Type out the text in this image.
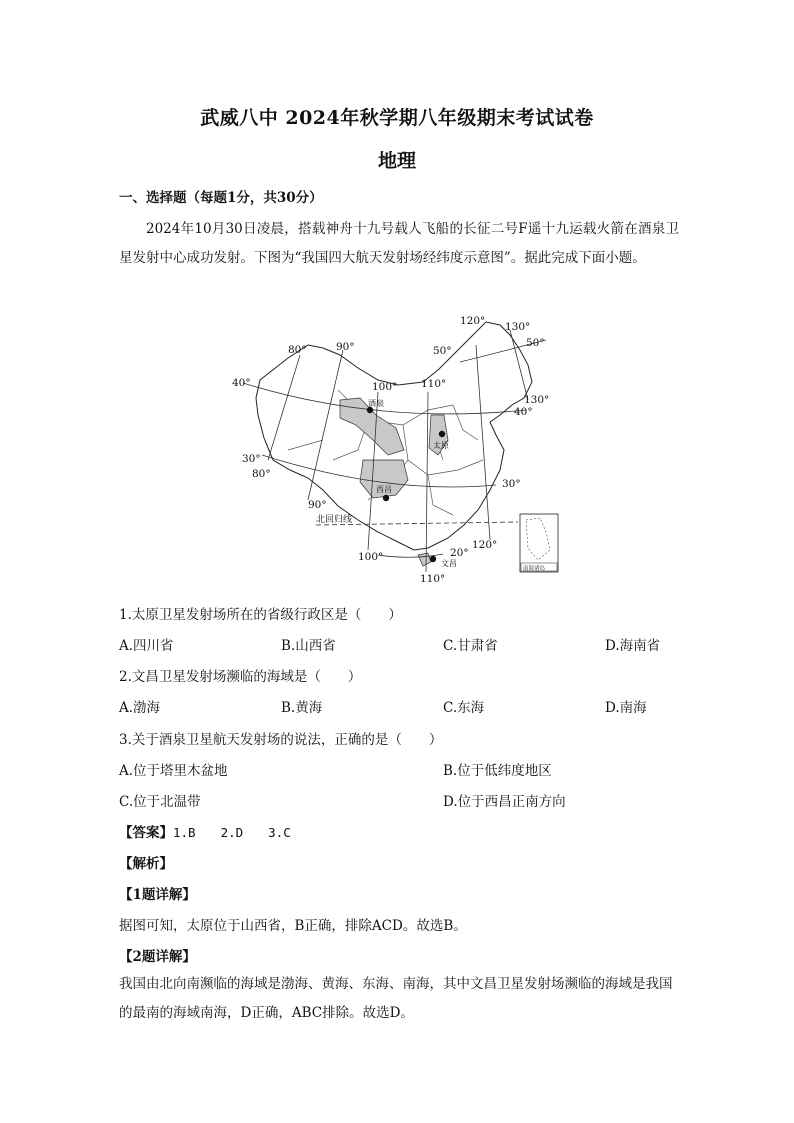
武威八中 2024年秋学期八年级期末考试试卷
地理
一、选择题（每题1分，共30分）
2024年10月30日凌晨，搭载神舟十九号载人飞船的长征二号F遥十九运载火箭在酒泉卫星发射中心成功发射。下图为“我国四大航天发射场经纬度示意图”。据此完成下面小题。
120° 130°
50°
50°
80°	90°
40°	100° 110°
130°
40°
30°
80°
30°
90°
北回归线
120°
100°	20°
110°
酒泉
太原
西昌
文昌
南海诸岛
1.太原卫星发射场所在的省级行政区是（　　）
A.四川省	B.山西省	C.甘肃省	D.海南省
2.文昌卫星发射场濒临的海域是（　　）
A.渤海	B.黄海	C.东海	D.南海
3.关于酒泉卫星航天发射场的说法，正确的是（　　）
A.位于塔里木盆地	B.位于低纬度地区
C.位于北温带	D.位于西昌正南方向
【答案】1.B　　2.D　　3.C
【解析】
【1题详解】
据图可知，太原位于山西省，B正确，排除ACD。故选B。
【2题详解】
我国由北向南濒临的海域是渤海、黄海、东海、南海，其中文昌卫星发射场濒临的海域是我国的最南的海域南海，D正确，ABC排除。故选D。
